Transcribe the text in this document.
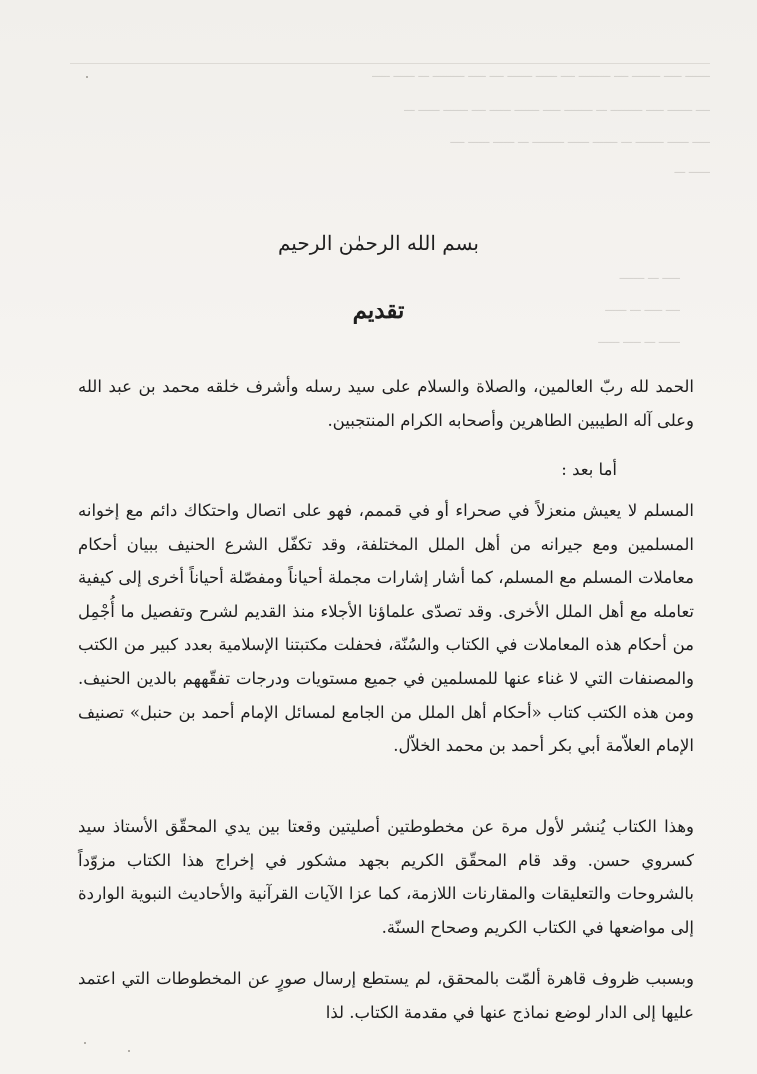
ـــــــ ـــــ ــــــــ ــــ ـــــــــ ــــ ــــــ ـــــــ ــــ ـــــ ـــــــــ ـــ ــــــ ـــــ
ــــ ـــــــ ـــــ ـــــــــ ـــ ــــــــ ـــــ ـــــــ ــــــ ــــ ـــــــ ــــــ ـــ
ـــــ ــــــ ــــــــ ـــ ـــــــ ــــــ ـــــــــ ـــ ــــــ ــــــ ــــ
ــــــ ـــ
ـــــ ـــ ـــــــ
ــــ ـــــ ـــ ــــــ
ــــــ ـــ ـــــ ــــــ
بسم الله الرحمٰن الرحيم
تقديم

الحمد لله ربّ العالمين، والصلاة والسلام على سيد رسله وأشرف خلقه محمد بن عبد الله وعلى آله الطيبين الطاهرين وأصحابه الكرام المنتجبين.

أما بعد :

المسلم لا يعيش منعزلاً في صحراء أو في قممم، فهو على اتصال واحتكاك دائم مع إخوانه المسلمين ومع جيرانه من أهل الملل المختلفة، وقد تكفّل الشرع الحنيف ببيان أحكام معاملات المسلم مع المسلم، كما أشار إشارات مجملة أحياناً ومفصّلة أحياناً أخرى إلى كيفية تعامله مع أهل الملل الأخرى. وقد تصدّى علماؤنا الأجلاء منذ القديم لشرح وتفصيل ما أُجْمِل من أحكام هذه المعاملات في الكتاب والسُنّة، فحفلت مكتبتنا الإسلامية بعدد كبير من الكتب والمصنفات التي لا غناء عنها للمسلمين في جميع مستويات ودرجات تفقّههم بالدين الحنيف. ومن هذه الكتب كتاب «أحكام أهل الملل من الجامع لمسائل الإمام أحمد بن حنبل» تصنيف الإمام العلاّمة أبي بكر أحمد بن محمد الخلاّل.

وهذا الكتاب يُنشر لأول مرة عن مخطوطتين أصليتين وقعتا بين يدي المحقّق الأستاذ سيد كسروي حسن. وقد قام المحقّق الكريم بجهد مشكور في إخراج هذا الكتاب مزوّداً بالشروحات والتعليقات والمقارنات اللازمة، كما عزا الآيات القرآنية والأحاديث النبوية الواردة إلى مواضعها في الكتاب الكريم وصحاح السنّة.

وبسبب ظروف قاهرة ألمّت بالمحقق، لم يستطع إرسال صورٍ عن المخطوطات التي اعتمد عليها إلى الدار لوضع نماذج عنها في مقدمة الكتاب. لذا
